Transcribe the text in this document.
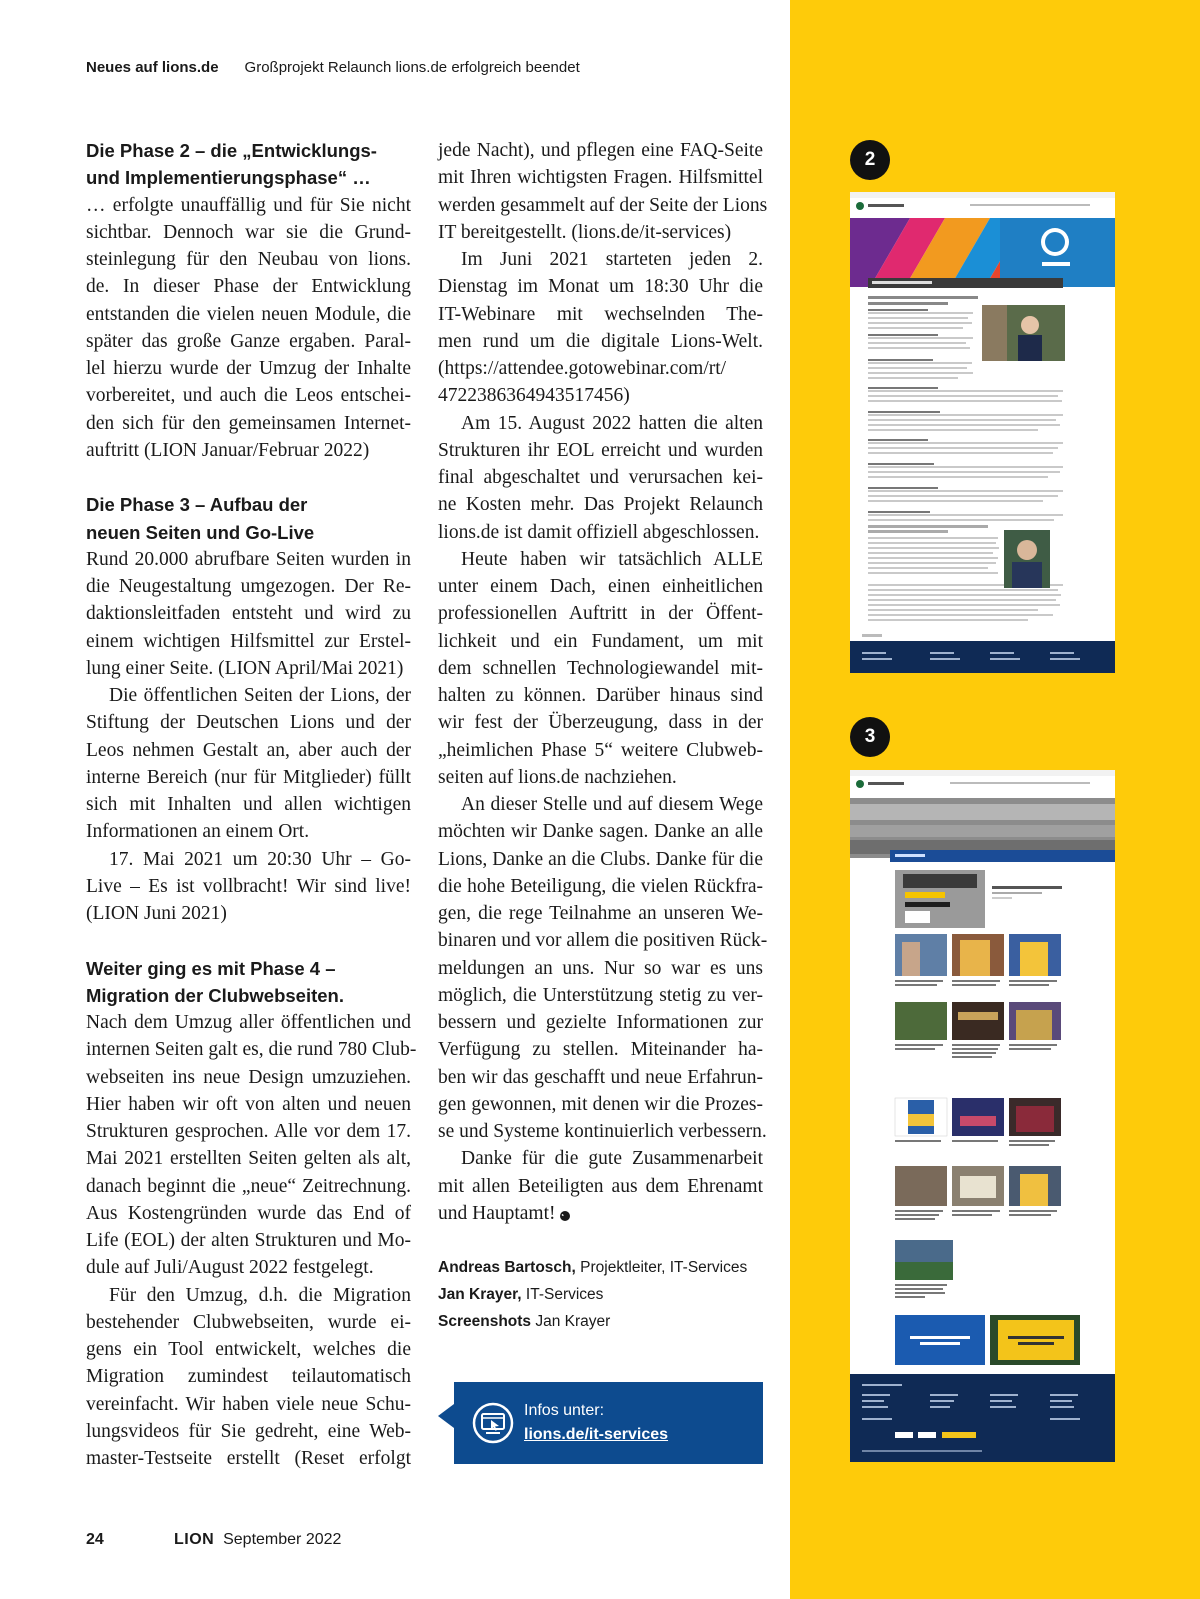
Neues auf lions.de Großprojekt Relaunch lions.de erfolgreich beendet
Die Phase 2 – die „Entwicklungs-
und Implementierungsphase“ …
… erfolgte unauffällig und für Sie nicht
sichtbar. Dennoch war sie die Grund-
steinlegung für den Neubau von lions.
de. In dieser Phase der Entwicklung
entstanden die vielen neuen Module, die
später das große Ganze ergaben. Paral-
lel hierzu wurde der Umzug der Inhalte
vorbereitet, und auch die Leos entschei-
den sich für den gemeinsamen Internet-
auftritt (LION Januar/Februar 2022)
Die Phase 3 – Aufbau der
neuen Seiten und Go-Live
Rund 20.000 abrufbare Seiten wurden in
die Neugestaltung umgezogen. Der Re-
daktionsleitfaden entsteht und wird zu
einem wichtigen Hilfsmittel zur Erstel-
lung einer Seite. (LION April/Mai 2021)
Die öffentlichen Seiten der Lions, der
Stiftung der Deutschen Lions und der
Leos nehmen Gestalt an, aber auch der
interne Bereich (nur für Mitglieder) füllt
sich mit Inhalten und allen wichtigen
Informationen an einem Ort.
17. Mai 2021 um 20:30 Uhr – Go-
Live – Es ist vollbracht! Wir sind live!
(LION Juni 2021)
Weiter ging es mit Phase 4 –
Migration der Clubwebseiten.
Nach dem Umzug aller öffentlichen und
internen Seiten galt es, die rund 780 Club-
webseiten ins neue Design umzuziehen.
Hier haben wir oft von alten und neuen
Strukturen gesprochen. Alle vor dem 17.
Mai 2021 erstellten Seiten gelten als alt,
danach beginnt die „neue“ Zeitrechnung.
Aus Kostengründen wurde das End of
Life (EOL) der alten Strukturen und Mo-
dule auf Juli/August 2022 festgelegt.
Für den Umzug, d.h. die Migration
bestehender Clubwebseiten, wurde ei-
gens ein Tool entwickelt, welches die
Migration zumindest teilautomatisch
vereinfacht. Wir haben viele neue Schu-
lungsvideos für Sie gedreht, eine Web-
master-Testseite erstellt (Reset erfolgt
jede Nacht), und pflegen eine FAQ-Seite
mit Ihren wichtigsten Fragen. Hilfsmittel
werden gesammelt auf der Seite der Lions
IT bereitgestellt. (lions.de/it-services)
Im Juni 2021 starteten jeden 2.
Dienstag im Monat um 18:30 Uhr die
IT-Webinare mit wechselnden The-
men rund um die digitale Lions-Welt.
(https://attendee.gotowebinar.com/rt/
4722386364943517456)
Am 15. August 2022 hatten die alten
Strukturen ihr EOL erreicht und wurden
final abgeschaltet und verursachen kei-
ne Kosten mehr. Das Projekt Relaunch
lions.de ist damit offiziell abgeschlossen.
Heute haben wir tatsächlich ALLE
unter einem Dach, einen einheitlichen
professionellen Auftritt in der Öffent-
lichkeit und ein Fundament, um mit
dem schnellen Technologiewandel mit-
halten zu können. Darüber hinaus sind
wir fest der Überzeugung, dass in der
„heimlichen Phase 5“ weitere Clubweb-
seiten auf lions.de nachziehen.
An dieser Stelle und auf diesem Wege
möchten wir Danke sagen. Danke an alle
Lions, Danke an die Clubs. Danke für die
die hohe Beteiligung, die vielen Rückfra-
gen, die rege Teilnahme an unseren We-
binaren und vor allem die positiven Rück-
meldungen an uns. Nur so war es uns
möglich, die Unterstützung stetig zu ver-
bessern und gezielte Informationen zur
Verfügung zu stellen. Miteinander ha-
ben wir das geschafft und neue Erfahrun-
gen gewonnen, mit denen wir die Prozes-
se und Systeme kontinuierlich verbessern.
Danke für die gute Zusammenarbeit
mit allen Beteiligten aus dem Ehrenamt
und Hauptamt! ◔
Andreas Bartosch, Projektleiter, IT-Services
Jan Krayer, IT-Services
Screenshots Jan Krayer
Infos unter:
lions.de/it-services
24	LION September 2022
2
3
